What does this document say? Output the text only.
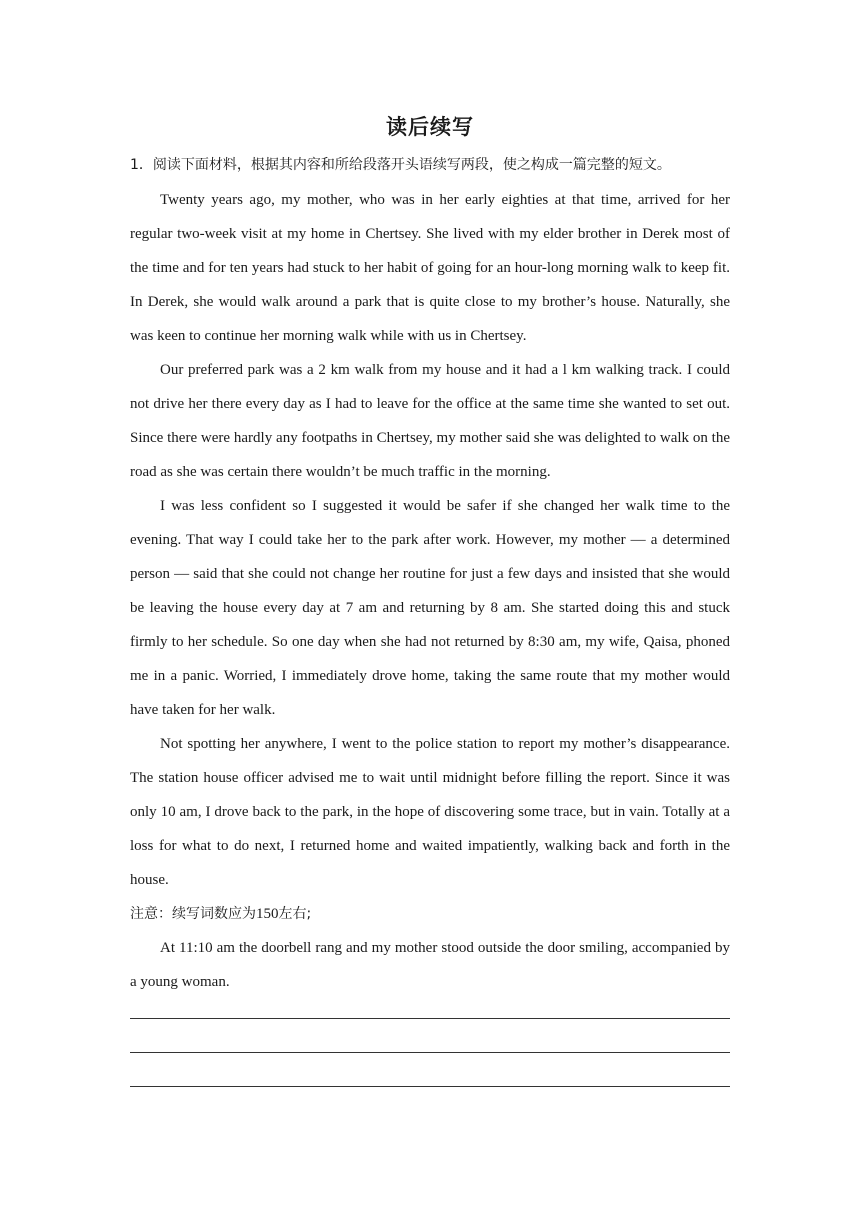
读后续写
1．阅读下面材料，根据其内容和所给段落开头语续写两段，使之构成一篇完整的短文。

Twenty years ago, my mother, who was in her early eighties at that time, arrived for her regular two-week visit at my home in Chertsey. She lived with my elder brother in Derek most of the time and for ten years had stuck to her habit of going for an hour-long morning walk to keep fit. In Derek, she would walk around a park that is quite close to my brother’s house. Naturally, she was keen to continue her morning walk while with us in Chertsey.

Our preferred park was a 2 km walk from my house and it had a l km walking track. I could not drive her there every day as I had to leave for the office at the same time she wanted to set out. Since there were hardly any footpaths in Chertsey, my mother said she was delighted to walk on the road as she was certain there wouldn’t be much traffic in the morning.

I was less confident so I suggested it would be safer if she changed her walk time to the evening. That way I could take her to the park after work. However, my mother — a determined person — said that she could not change her routine for just a few days and insisted that she would be leaving the house every day at 7 am and returning by 8 am. She started doing this and stuck firmly to her schedule. So one day when she had not returned by 8:30 am, my wife, Qaisa, phoned me in a panic. Worried, I immediately drove home, taking the same route that my mother would have taken for her walk.

Not spotting her anywhere, I went to the police station to report my mother’s disappearance. The station house officer advised me to wait until midnight before filling the report. Since it was only 10 am, I drove back to the park, in the hope of discovering some trace, but in vain. Totally at a loss for what to do next, I returned home and waited impatiently, walking back and forth in the house.

注意：续写词数应为150左右;

At 11:10 am the doorbell rang and my mother stood outside the door smiling, accompanied by a young woman.
